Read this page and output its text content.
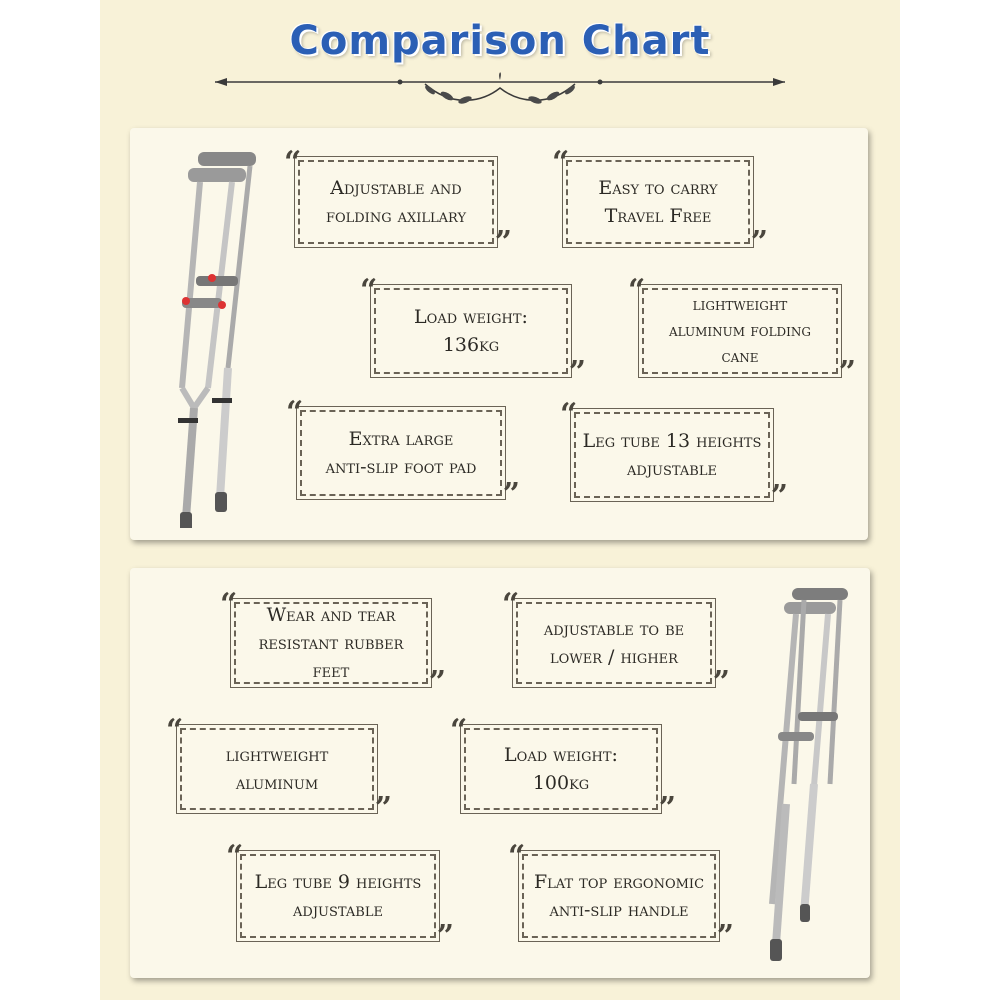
Comparison Chart
“
Adjustable and
folding axillary
”
“
Easy to carry
Travel Free
”
“
Load weight:
136kg
”
“	lightweight
aluminum folding
cane	”
“
Extra large
anti-slip foot pad
”
“
Leg tube 13 heights
adjustable
”
“	Wear and tear
resistant rubber feet	”
“
adjustable to be
lower / higher
”
“
lightweight
aluminum
”
“
Load weight:
100kg
”
“
Leg tube 9 heights
adjustable
”
“
Flat top ergonomic
anti-slip handle
”
